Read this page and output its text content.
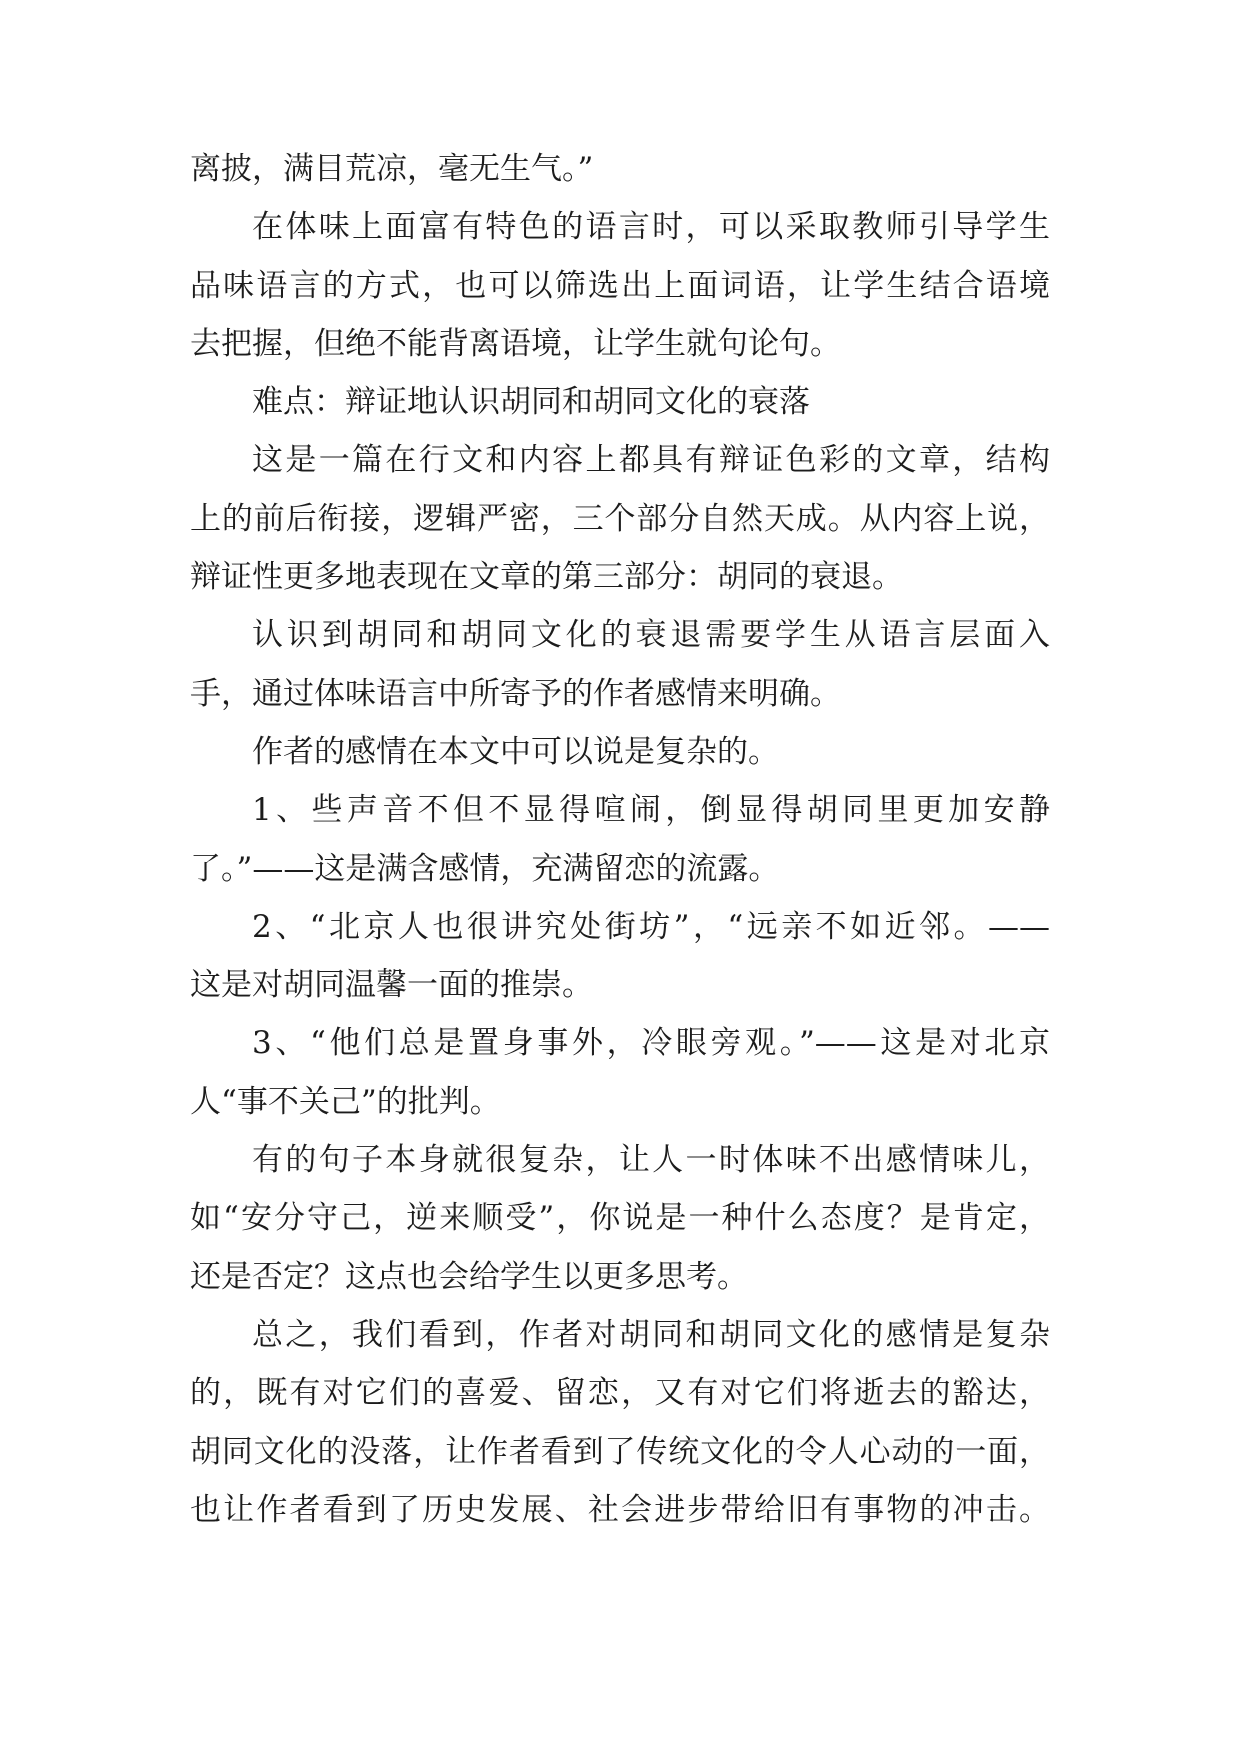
离披，满目荒凉，毫无生气。”
在体味上面富有特色的语言时，可以采取教师引导学生
品味语言的方式，也可以筛选出上面词语，让学生结合语境
去把握，但绝不能背离语境，让学生就句论句。
难点：辩证地认识胡同和胡同文化的衰落
这是一篇在行文和内容上都具有辩证色彩的文章，结构
上的前后衔接，逻辑严密，三个部分自然天成。从内容上说，
辩证性更多地表现在文章的第三部分：胡同的衰退。
认识到胡同和胡同文化的衰退需要学生从语言层面入
手，通过体味语言中所寄予的作者感情来明确。
作者的感情在本文中可以说是复杂的。
1、些声音不但不显得喧闹，倒显得胡同里更加安静
了。”——这是满含感情，充满留恋的流露。
2、“北京人也很讲究处街坊”，“远亲不如近邻。——
这是对胡同温馨一面的推崇。
3、“他们总是置身事外，冷眼旁观。”——这是对北京
人“事不关己”的批判。
有的句子本身就很复杂，让人一时体味不出感情味儿，
如“安分守己，逆来顺受”，你说是一种什么态度？是肯定，
还是否定？这点也会给学生以更多思考。
总之，我们看到，作者对胡同和胡同文化的感情是复杂
的，既有对它们的喜爱、留恋，又有对它们将逝去的豁达，
胡同文化的没落，让作者看到了传统文化的令人心动的一面，
也让作者看到了历史发展、社会进步带给旧有事物的冲击。
